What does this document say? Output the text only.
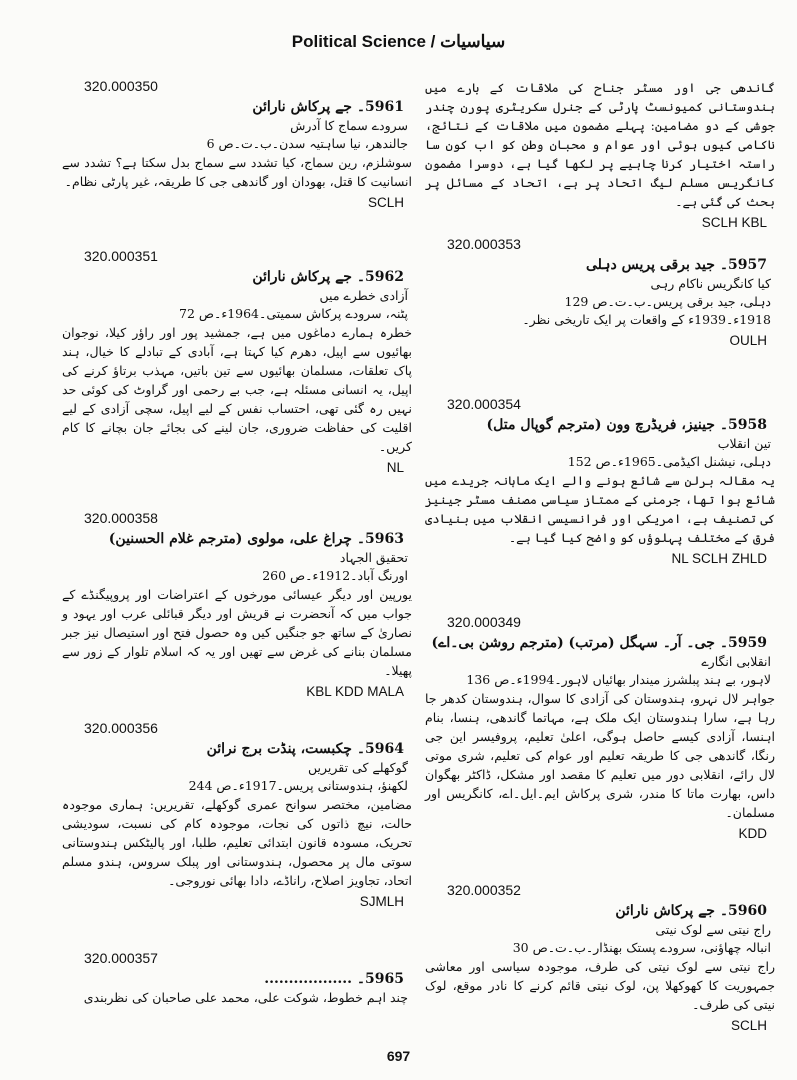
Political Science / سیاسیات
320.000350
5961۔ جے پرکاش نارائن
سرودے سماج کا آدرش
جالندھر، نیا ساہتیہ سدن۔ب۔ت۔ص 6
سوشلزم، رین سماج، کیا تشدد سے سماج بدل سکتا ہے؟ تشدد سے انسانیت کا قتل، بھودان اور گاندھی جی کا طریقہ، غیر پارٹی نظام۔
SCLH
320.000351
5962۔ جے پرکاش نارائن
آزادی خطرے میں
پٹنہ، سرودے پرکاش سمیتی۔1964ء۔ص 72
خطرہ ہمارے دماغوں میں ہے، جمشید پور اور راؤر کیلا، نوجوان بھائیوں سے اپیل، دھرم کیا کہتا ہے، آبادی کے تبادلے کا خیال، ہند پاک تعلقات، مسلمان بھائیوں سے تین باتیں، مہذب برتاؤ کرنے کی اپیل، یہ انسانی مسئلہ ہے، جب بے رحمی اور گراوٹ کی کوئی حد نہیں رہ گئی تھی، احتساب نفس کے لیے اپیل، سچی آزادی کے لیے اقلیت کی حفاظت ضروری، جان لینے کی بجائے جان بچانے کا کام کریں۔
NL
320.000358
5963۔ چراغ علی، مولوی (مترجم غلام الحسنین)
تحقیق الجہاد
اورنگ آباد۔1912ء۔ص 260
یورپین اور دیگر عیسائی مورخوں کے اعتراضات اور پروپیگنڈے کے جواب میں کہ آنحضرت نے قریش اور دیگر قبائلی عرب اور یہود و نصاریٰ کے ساتھ جو جنگیں کیں وہ حصول فتح اور استیصال نیز جبر مسلمان بنانے کی غرض سے تھیں اور یہ کہ اسلام تلوار کے زور سے پھیلا۔
KBL KDD MALA
320.000356
5964۔ چکبست، پنڈت برج نرائن
گوکھلے کی تقریریں
لکھنؤ، ہندوستانی پریس۔1917ء۔ص 244
مضامین، مختصر سوانح عمری گوکھلے، تقریریں: ہماری موجودہ حالت، نیچ ذاتوں کی نجات، موجودہ کام کی نسبت، سودیشی تحریک، مسودہ قانون ابتدائی تعلیم، طلبا، اور پالیٹکس ہندوستانی سوتی مال پر محصول، ہندوستانی اور پبلک سروس، ہندو مسلم اتحاد، تجاویز اصلاح، راناڈے، دادا بھائی نوروجی۔
SJMLH
320.000357
5965۔ ..................
چند اہم خطوط، شوکت علی، محمد علی صاحبان کی نظربندی
گاندھی جی اور مسٹر جناح کی ملاقات کے بارے میں ہندوستانی کمیونسٹ پارٹی کے جنرل سکریٹری پورن چندر جوشی کے دو مضامین: پہلے مضمون میں ملاقات کے نتائج، ناکامی کیوں ہوئی اور عوام و محبان وطن کو اب کون سا راستہ اختیار کرنا چاہیے پر لکھا گیا ہے، دوسرا مضمون کانگریس مسلم لیگ اتحاد پر ہے، اتحاد کے مسائل پر بحث کی گئی ہے۔
SCLH KBL
320.000353
5957۔ جید برقی پریس دہلی
کیا کانگریس ناکام رہی
دہلی، جید برقی پریس۔ب۔ت۔ص 129
1918ء۔1939ء کے واقعات پر ایک تاریخی نظر۔
OULH
320.000354
5958۔ جینیز، فریڈرچ وون (مترجم گوپال متل)
تین انقلاب
دہلی، نیشنل اکیڈمی۔1965ء۔ص 152
یہ مقالہ برلن سے شائع ہونے والے ایک ماہانہ جریدے میں شائع ہوا تھا، جرمنی کے ممتاز سیاسی مصنف مسٹر جینیز کی تصنیف ہے، امریکی اور فرانسیسی انقلاب میں بنیادی فرق کے مختلف پہلوؤں کو واضح کیا گیا ہے۔
NL SCLH ZHLD
320.000349
5959۔ جی۔ آر۔ سہگل (مرتب) (مترجم روشن بی۔اے)
انقلابی انگارے
لاہور، بے ہند پبلشرز میندار بھائیاں لاہور۔1994ء۔ص 136
جواہر لال نہرو، ہندوستان کی آزادی کا سوال، ہندوستان کدھر جا رہا ہے، سارا ہندوستان ایک ملک ہے، مہاتما گاندھی، ہنسا، بنام اہنسا، آزادی کیسے حاصل ہوگی، اعلیٰ تعلیم، پروفیسر این جی رنگا، گاندھی جی کا طریقہ تعلیم اور عوام کی تعلیم، شری موتی لال رائے، انقلابی دور میں تعلیم کا مقصد اور مشکل، ڈاکٹر بھگوان داس، بھارت ماتا کا مندر، شری پرکاش ایم۔ایل۔اے، کانگریس اور مسلمان۔
KDD
320.000352
5960۔ جے پرکاش نارائن
راج نیتی سے لوک نیتی
انبالہ چھاؤنی، سرودے پستک بھنڈار۔ب۔ت۔ص 30
راج نیتی سے لوک نیتی کی طرف، موجودہ سیاسی اور معاشی جمہوریت کا کھوکھلا پن، لوک نیتی قائم کرنے کا نادر موقع، لوک نیتی کی طرف۔
SCLH
697
